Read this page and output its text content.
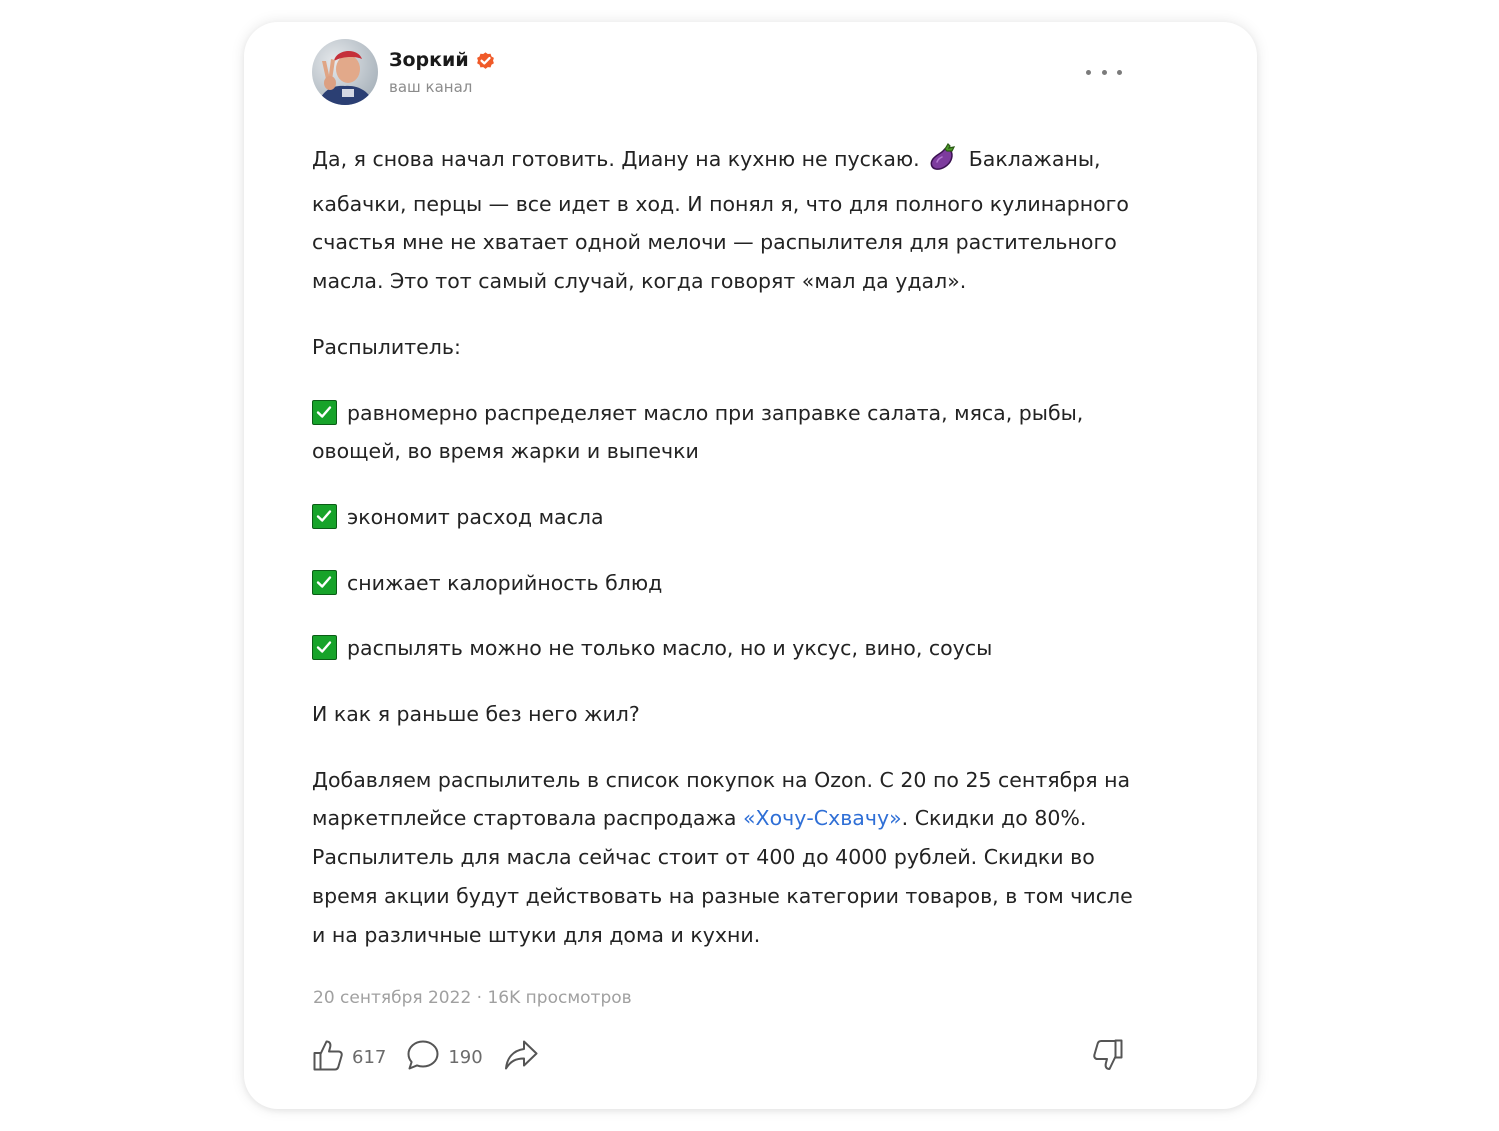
Зоркий
ваш канал

Да, я снова начал готовить. Диану на кухню не пускаю. Баклажаны, кабачки, перцы — все идет в ход. И понял я, что для полного кулинарного счастья мне не хватает одной мелочи — распылителя для растительного масла. Это тот самый случай, когда говорят «мал да удал».

Распылитель:

равномерно распределяет масло при заправке салата, мяса, рыбы, овощей, во время жарки и выпечки

экономит расход масла

снижает калорийность блюд

распылять можно не только масло, но и уксус, вино, соусы

И как я раньше без него жил?

Добавляем распылитель в список покупок на Ozon. С 20 по 25 сентября на маркетплейсе стартовала распродажа «Хочу-Схвачу». Скидки до 80%. Распылитель для масла сейчас стоит от 400 до 4000 рублей. Скидки во время акции будут действовать на разные категории товаров, в том числе и на различные штуки для дома и кухни.

20 сентября 2022 · 16K просмотров
617	190
